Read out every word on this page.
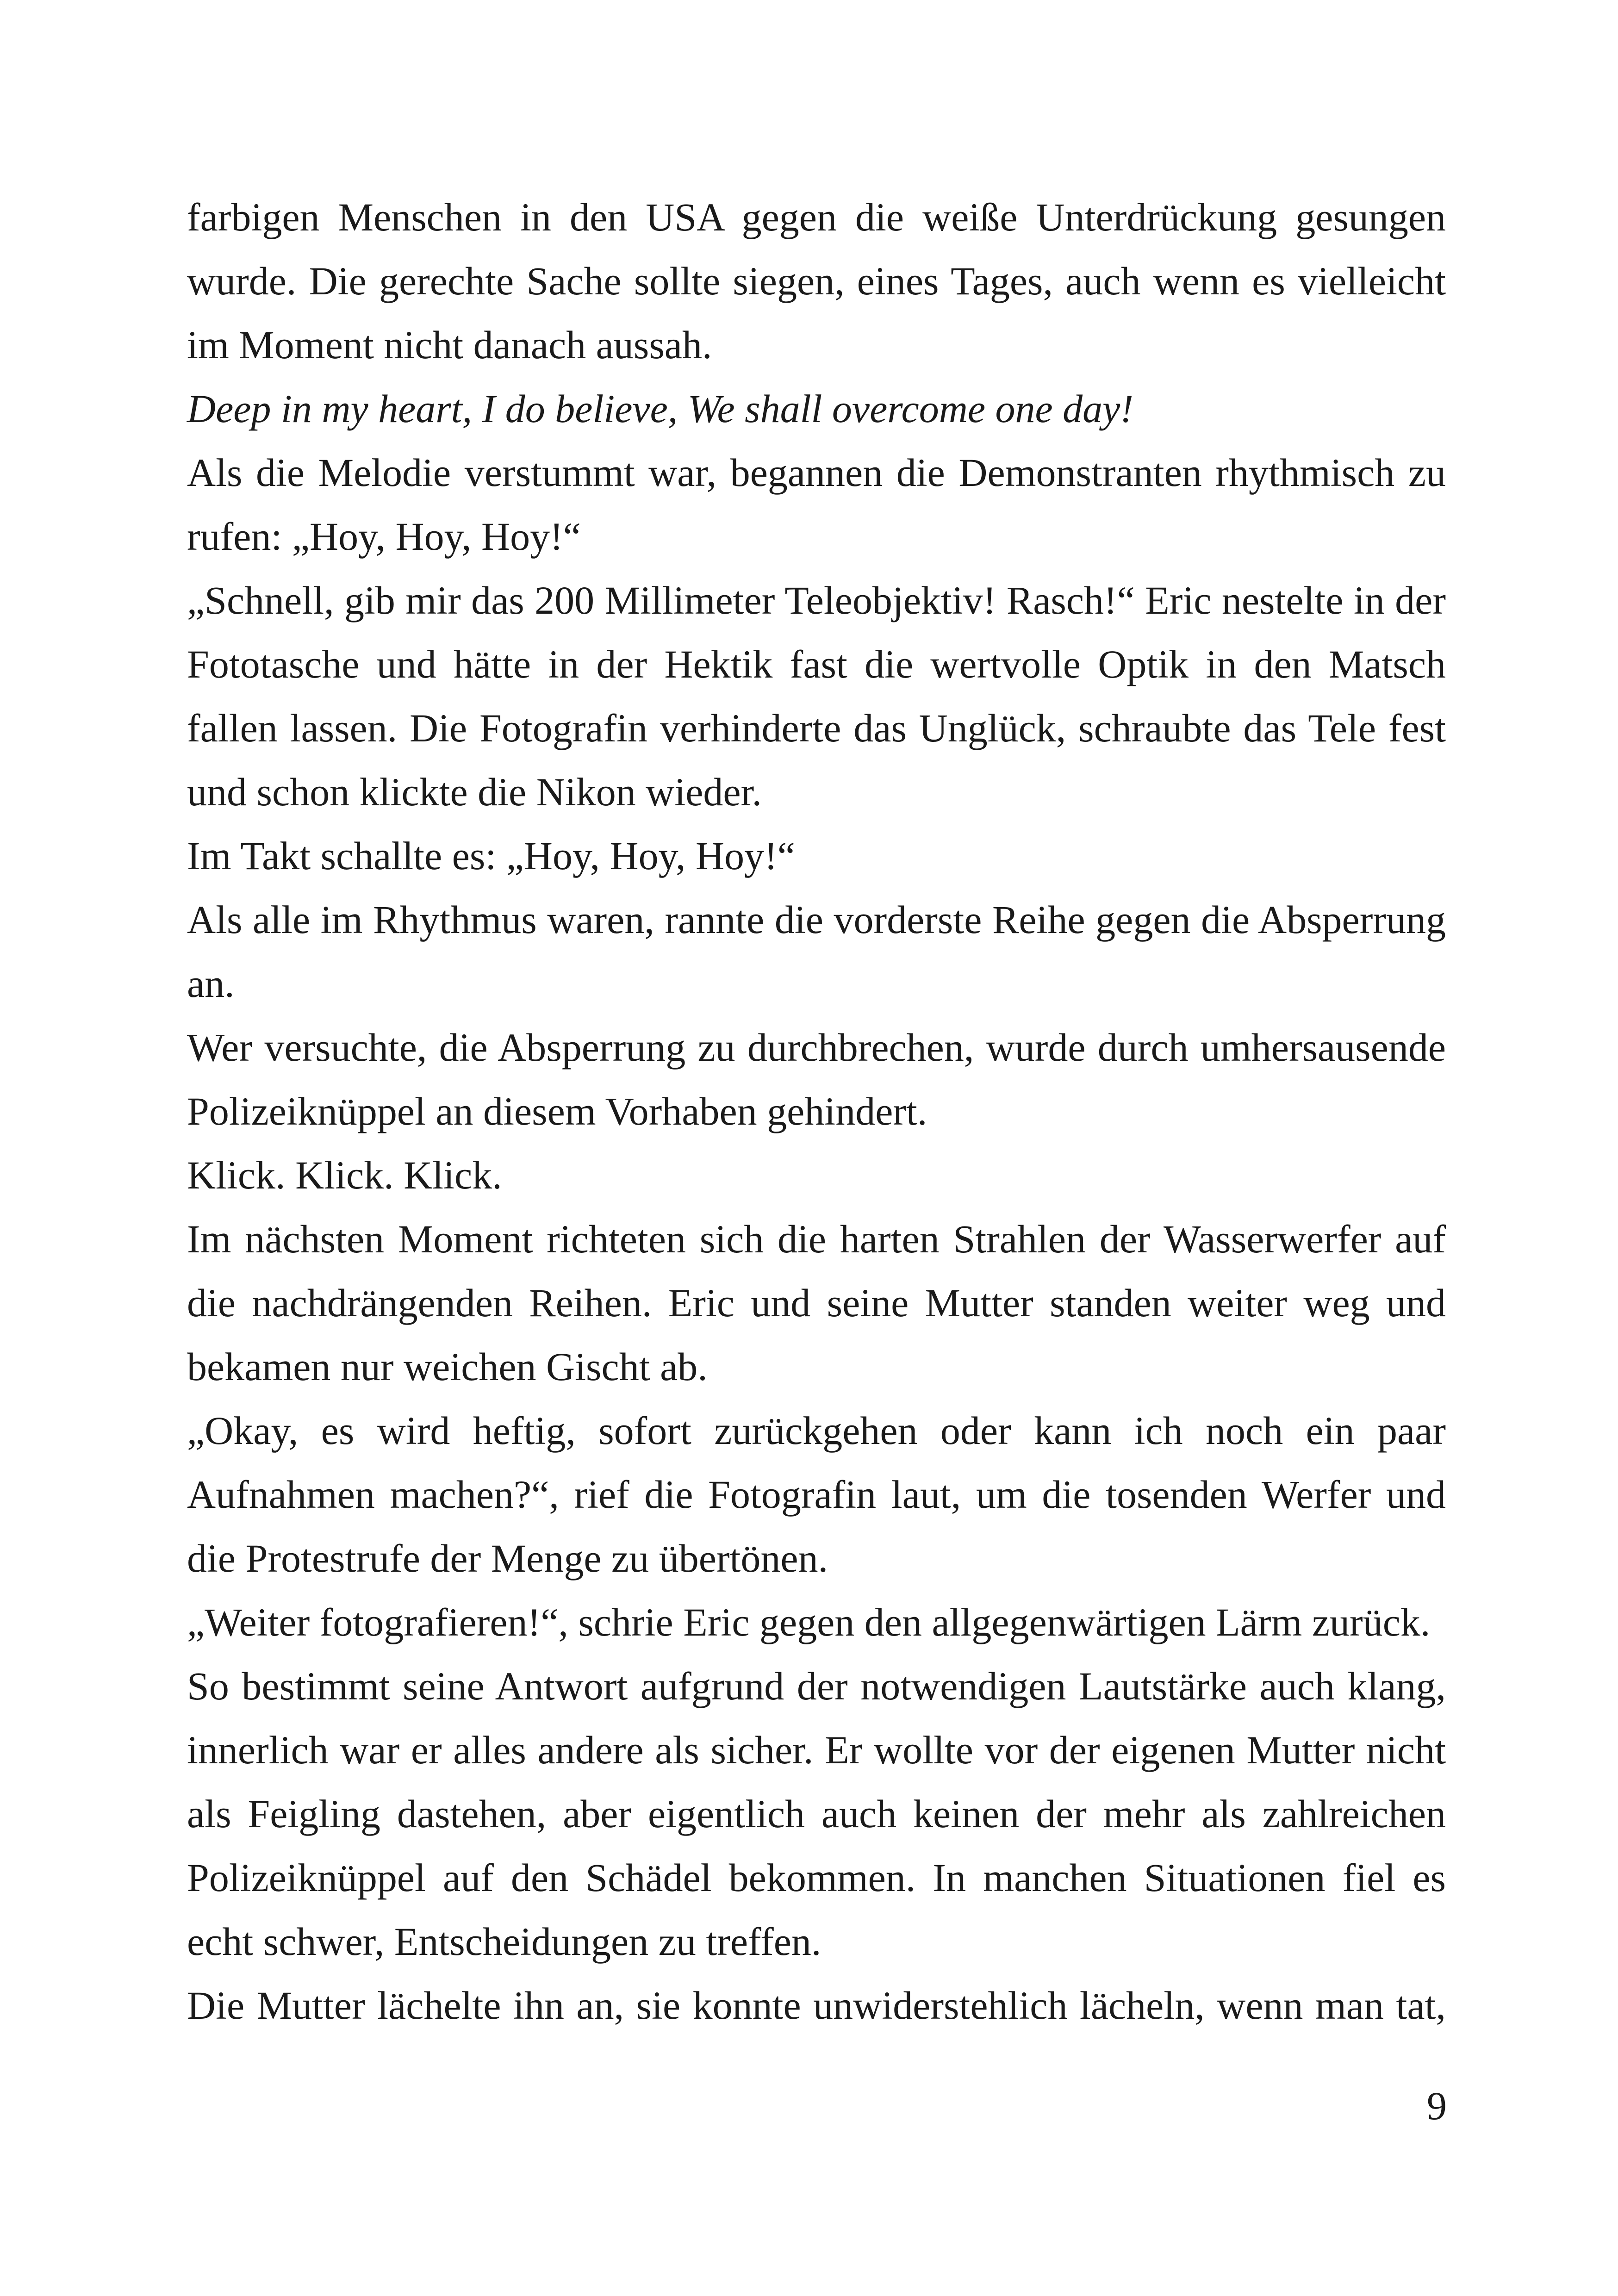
farbigen Menschen in den USA gegen die weiße Unterdrückung gesungen wurde. Die gerechte Sache sollte siegen, eines Tages, auch wenn es vielleicht im Moment nicht danach aussah.

Deep in my heart, I do believe, We shall overcome one day!

Als die Melodie verstummt war, begannen die Demonstranten rhythmisch zu rufen: „Hoy, Hoy, Hoy!“

„Schnell, gib mir das 200 Millimeter Teleobjektiv! Rasch!“ Eric nestelte in der Fototasche und hätte in der Hektik fast die wertvolle Optik in den Matsch fallen lassen. Die Fotografin verhinderte das Unglück, schraubte das Tele fest und schon klickte die Nikon wieder.

Im Takt schallte es: „Hoy, Hoy, Hoy!“

Als alle im Rhythmus waren, rannte die vorderste Reihe gegen die Absperrung an.

Wer versuchte, die Absperrung zu durchbrechen, wurde durch umhersausende Polizeiknüppel an diesem Vorhaben gehindert.

Klick. Klick. Klick.

Im nächsten Moment richteten sich die harten Strahlen der Wasserwerfer auf die nachdrängenden Reihen. Eric und seine Mutter standen weiter weg und bekamen nur weichen Gischt ab.

„Okay, es wird heftig, sofort zurückgehen oder kann ich noch ein paar Aufnahmen machen?“, rief die Fotografin laut, um die tosenden Werfer und die Protestrufe der Menge zu übertönen.

„Weiter fotografieren!“, schrie Eric gegen den allgegenwärtigen Lärm zurück.

So bestimmt seine Antwort aufgrund der notwendigen Lautstärke auch klang, innerlich war er alles andere als sicher. Er wollte vor der eigenen Mutter nicht als Feigling dastehen, aber eigentlich auch keinen der mehr als zahlreichen Polizeiknüppel auf den Schädel bekommen. In manchen Situationen fiel es echt schwer, Entscheidungen zu treffen.

Die Mutter lächelte ihn an, sie konnte unwiderstehlich lächeln, wenn man tat,

9
